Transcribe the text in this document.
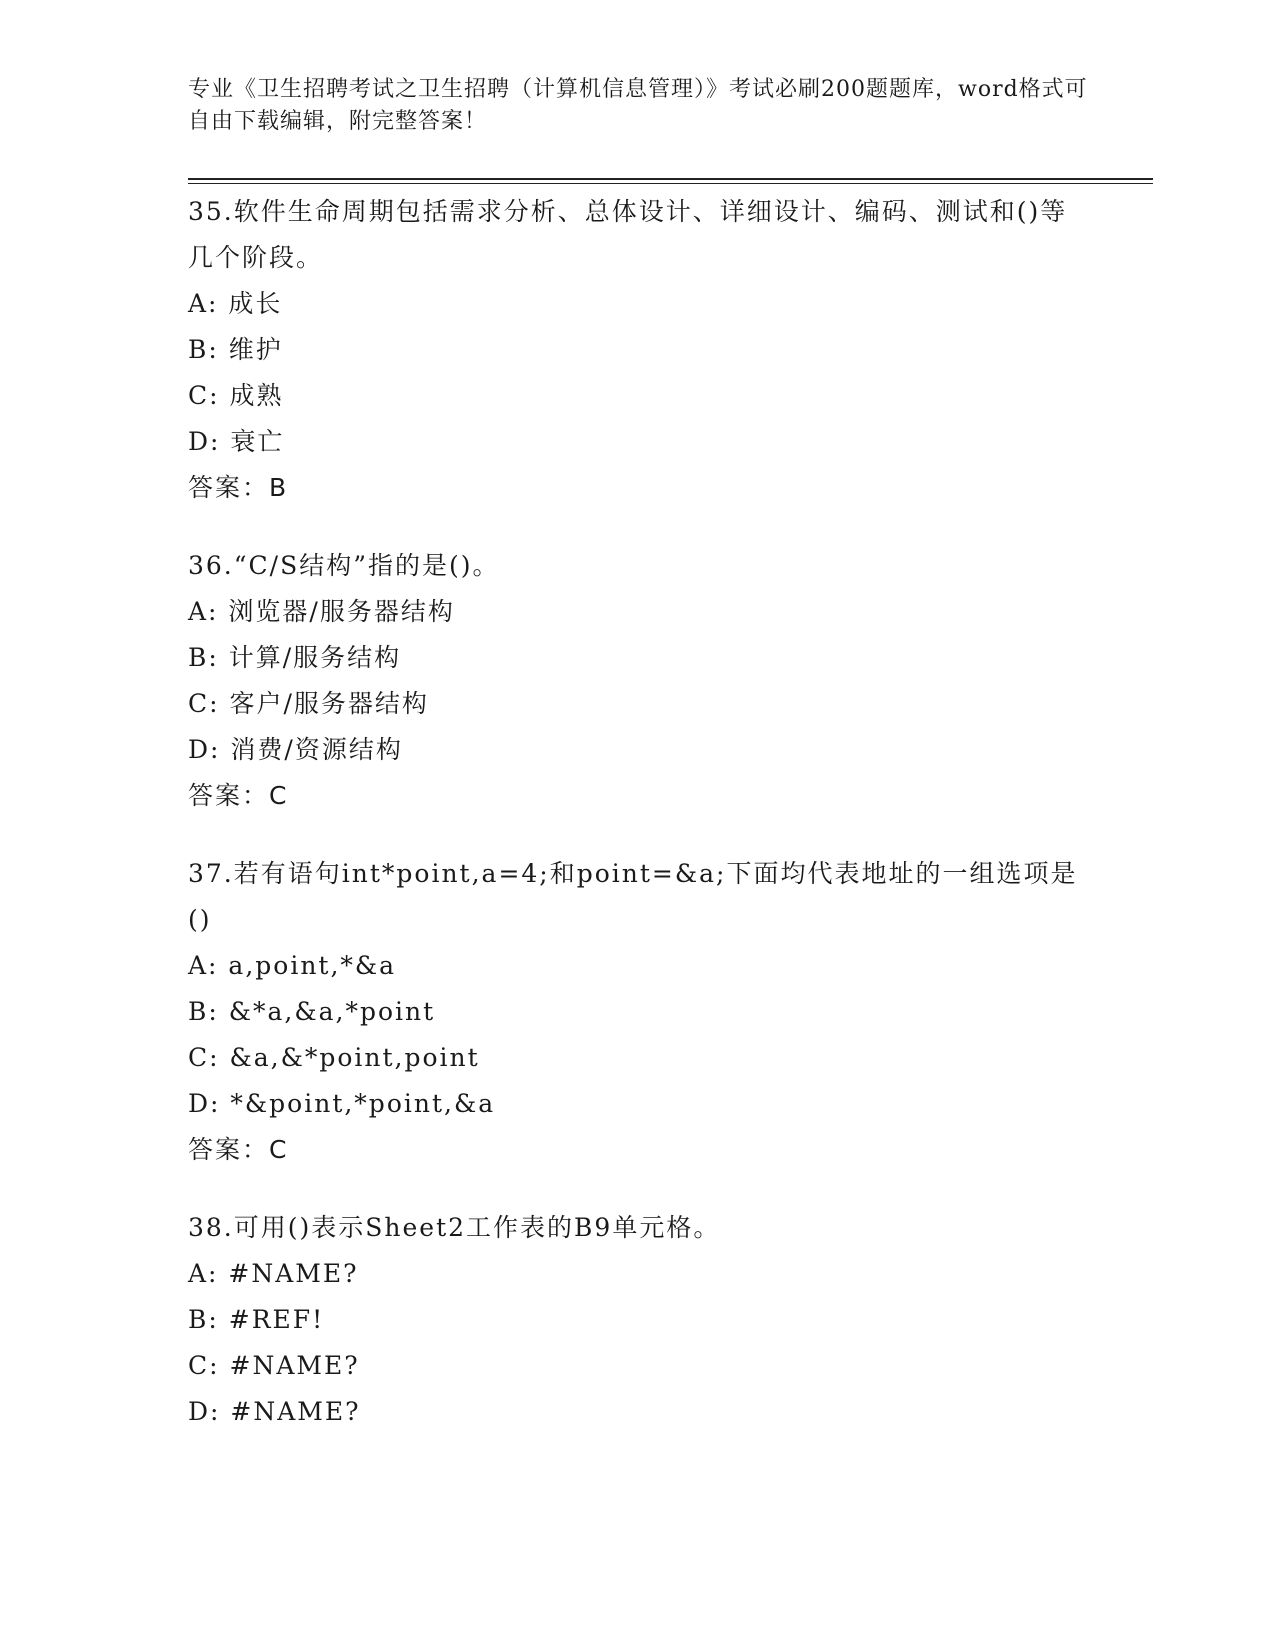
专业《卫生招聘考试之卫生招聘（计算机信息管理）》考试必刷200题题库，word格式可自由下载编辑，附完整答案！

35.软件生命周期包括需求分析、总体设计、详细设计、编码、测试和()等几个阶段。

A: 成长

B: 维护

C: 成熟

D: 衰亡

答案：B

36.“C/S结构”指的是()。

A: 浏览器/服务器结构

B: 计算/服务结构

C: 客户/服务器结构

D: 消费/资源结构

答案：C

37.若有语句int*point,a=4;和point=&a;下面均代表地址的一组选项是()

A: a,point,*&a

B: &*a,&a,*point

C: &a,&*point,point

D: *&point,*point,&a

答案：C

38.可用()表示Sheet2工作表的B9单元格。

A: #NAME?

B: #REF!

C: #NAME?

D: #NAME?
